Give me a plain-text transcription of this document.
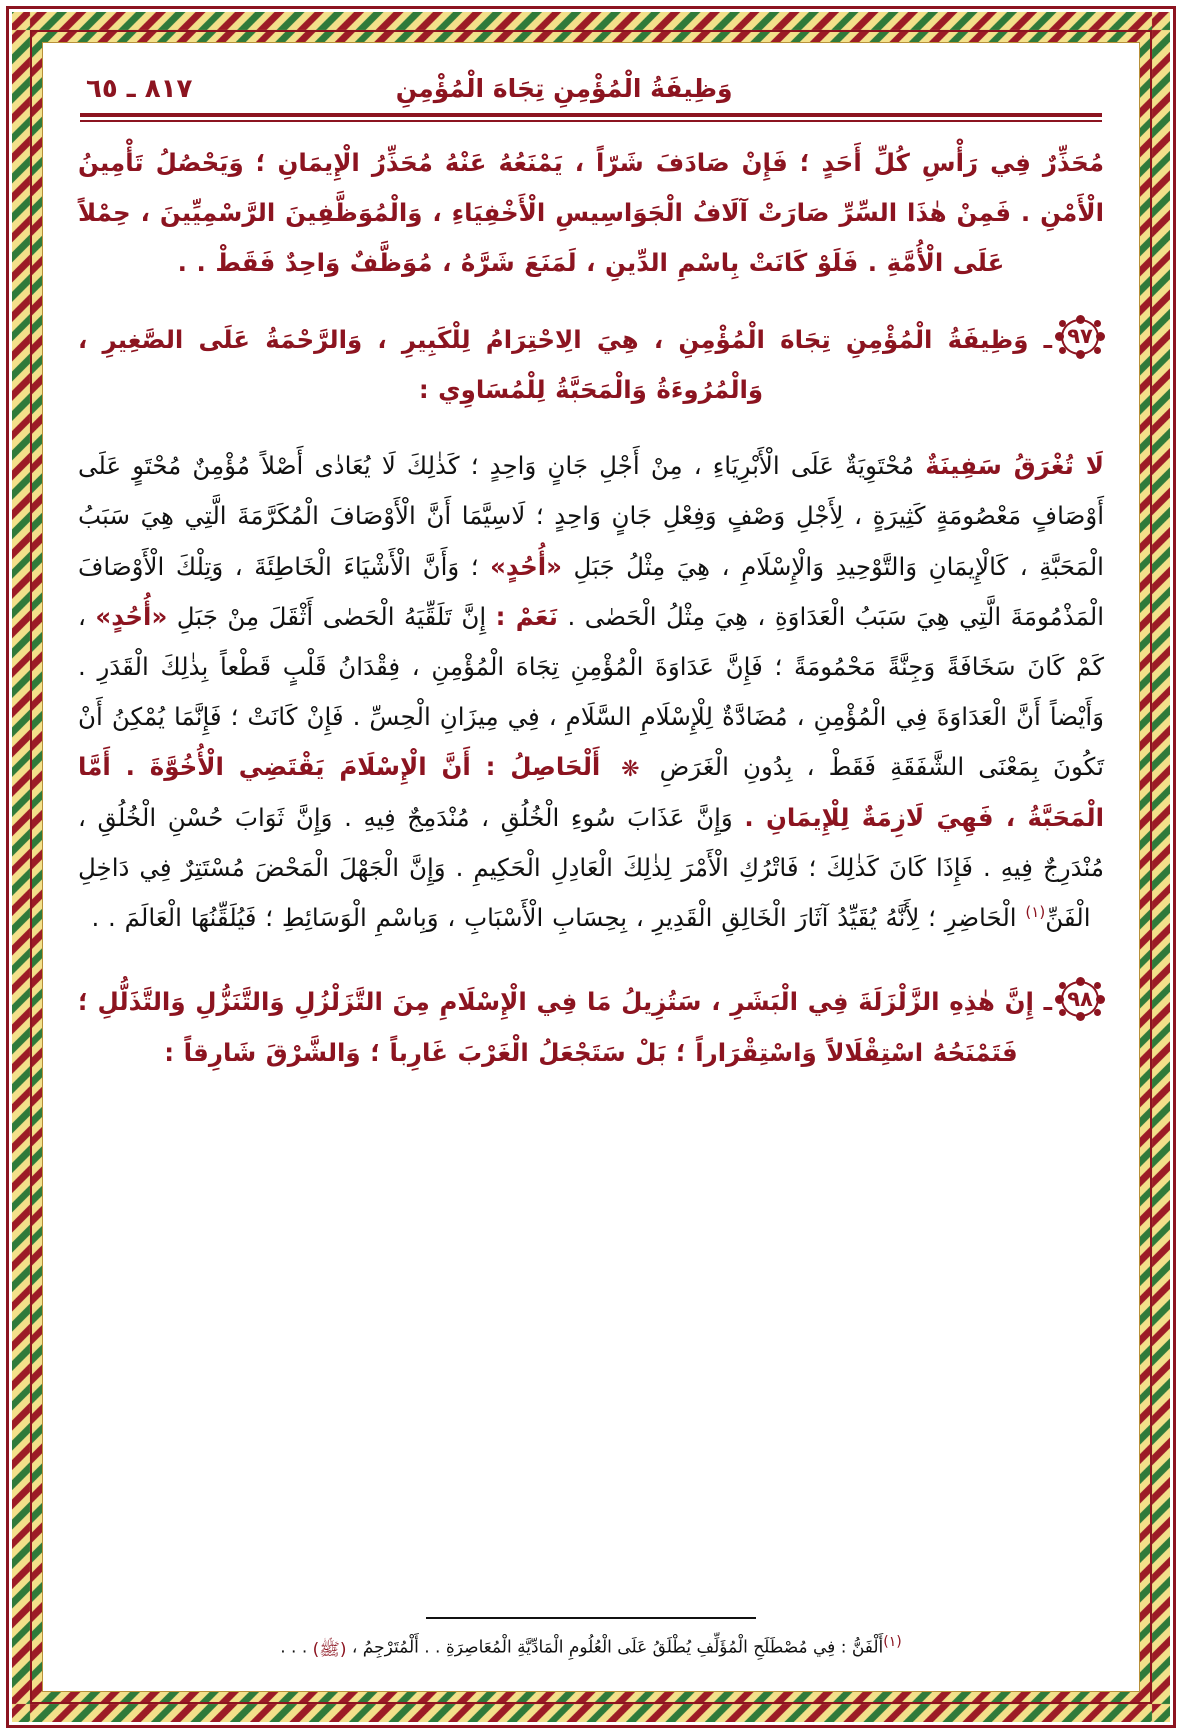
٨١٧ ـ ٦٥	وَظِيفَةُ الْمُؤْمِنِ تِجَاهَ الْمُؤْمِنِ

مُحَذِّرٌ فِي رَأْسِ كُلِّ أَحَدٍ ؛ فَإِنْ صَادَفَ شَرّاً ، يَمْنَعُهُ عَنْهُ مُحَذِّرُ الْإِيمَانِ ؛ وَيَحْصُلُ تَأْمِينُ الْأَمْنِ . فَمِنْ هٰذَا السِّرِّ صَارَتْ آلَافُ الْجَوَاسِيسِ الْأَخْفِيَاءِ ، وَالْمُوَظَّفِينَ الرَّسْمِيِّينَ ، حِمْلاً عَلَى الْأُمَّةِ . فَلَوْ كَانَتْ بِاسْمِ الدِّينِ ، لَمَنَعَ شَرَّهُ ، مُوَظَّفٌ وَاحِدٌ فَقَطْ . .

٩٧
ـ وَظِيفَةُ الْمُؤْمِنِ تِجَاهَ الْمُؤْمِنِ ، هِيَ الِاحْتِرَامُ لِلْكَبِيرِ ، وَالرَّحْمَةُ عَلَى الصَّغِيرِ ، وَالْمُرُوءَةُ وَالْمَحَبَّةُ لِلْمُسَاوِي :

لَا تُغْرَقُ سَفِينَةٌ مُحْتَوِيَةٌ عَلَى الْأَبْرِيَاءِ ، مِنْ أَجْلِ جَانٍ وَاحِدٍ ؛ كَذٰلِكَ لَا يُعَادٰى أَصْلاً مُؤْمِنٌ مُحْتَوٍ عَلَى أَوْصَافٍ مَعْصُومَةٍ كَثِيرَةٍ ، لِأَجْلِ وَصْفٍ وَفِعْلِ جَانٍ وَاحِدٍ ؛ لَاسِيَّمَا أَنَّ الْأَوْصَافَ الْمُكَرَّمَةَ الَّتِي هِيَ سَبَبُ الْمَحَبَّةِ ، كَالْإِيمَانِ وَالتَّوْحِيدِ وَالْإِسْلَامِ ، هِيَ مِثْلُ جَبَلِ «أُحُدٍ» ؛ وَأَنَّ الْأَشْيَاءَ الْخَاطِئَةَ ، وَتِلْكَ الْأَوْصَافَ الْمَذْمُومَةَ الَّتِي هِيَ سَبَبُ الْعَدَاوَةِ ، هِيَ مِثْلُ الْحَصٰى . نَعَمْ : إِنَّ تَلَقِّيَهُ الْحَصٰى أَثْقَلَ مِنْ جَبَلِ «أُحُدٍ» ، كَمْ كَانَ سَخَافَةً وَجِنَّةً مَحْمُومَةً ؛ فَإِنَّ عَدَاوَةَ الْمُؤْمِنِ تِجَاهَ الْمُؤْمِنِ ، فِقْدَانُ قَلْبٍ قَطْعاً بِذٰلِكَ الْقَدَرِ . وَأَيْضاً أَنَّ الْعَدَاوَةَ فِي الْمُؤْمِنِ ، مُضَادَّةٌ لِلْإِسْلَامِ السَّلَامِ ، فِي مِيزَانِ الْحِسِّ . فَإِنْ كَانَتْ ؛ فَإِنَّمَا يُمْكِنُ أَنْ تَكُونَ بِمَعْنَى الشَّفَقَةِ فَقَطْ ، بِدُونِ الْغَرَضِ ❋ أَلْحَاصِلُ : أَنَّ الْإِسْلَامَ يَقْتَضِي الْأُخُوَّةَ . أَمَّا الْمَحَبَّةُ ، فَهِيَ لَازِمَةٌ لِلْإِيمَانِ . وَإِنَّ عَذَابَ سُوءِ الْخُلُقِ ، مُنْدَمِجٌ فِيهِ . وَإِنَّ ثَوَابَ حُسْنِ الْخُلُقِ ، مُنْدَرِجٌ فِيهِ . فَإِذَا كَانَ كَذٰلِكَ ؛ فَاتْرُكِ الْأَمْرَ لِذٰلِكَ الْعَادِلِ الْحَكِيمِ . وَإِنَّ الْجَهْلَ الْمَحْضَ مُسْتَتِرٌ فِي دَاخِلِ الْفَنِّ$^{(١)}$ الْحَاضِرِ ؛ لِأَنَّهُ يُقَيِّدُ آثَارَ الْخَالِقِ الْقَدِيرِ ، بِحِسَابِ الْأَسْبَابِ ، وَبِاسْمِ الْوَسَائِطِ ؛ فَيُلَقِّنُهَا الْعَالَمَ . .

٩٨
ـ إِنَّ هٰذِهِ الزَّلْزَلَةَ فِي الْبَشَرِ ، سَتُزِيلُ مَا فِي الْإِسْلَامِ مِنَ التَّزَلْزُلِ وَالتَّنَزُّلِ وَالتَّذَلُّلِ ؛ فَتَمْنَحُهُ اسْتِقْلَالاً وَاسْتِقْرَاراً ؛ بَلْ سَتَجْعَلُ الْغَرْبَ غَارِباً ؛ وَالشَّرْقَ شَارِقاً :

$^{(١)}$أَلْفَنُّ : فِي مُصْطَلَحِ الْمُؤَلِّفِ يُطْلَقُ عَلَى الْعُلُومِ الْمَادِّيَّةِ الْمُعَاصِرَةِ . . أَلْمُتَرْجِمُ ، (ﷺ) . . .
